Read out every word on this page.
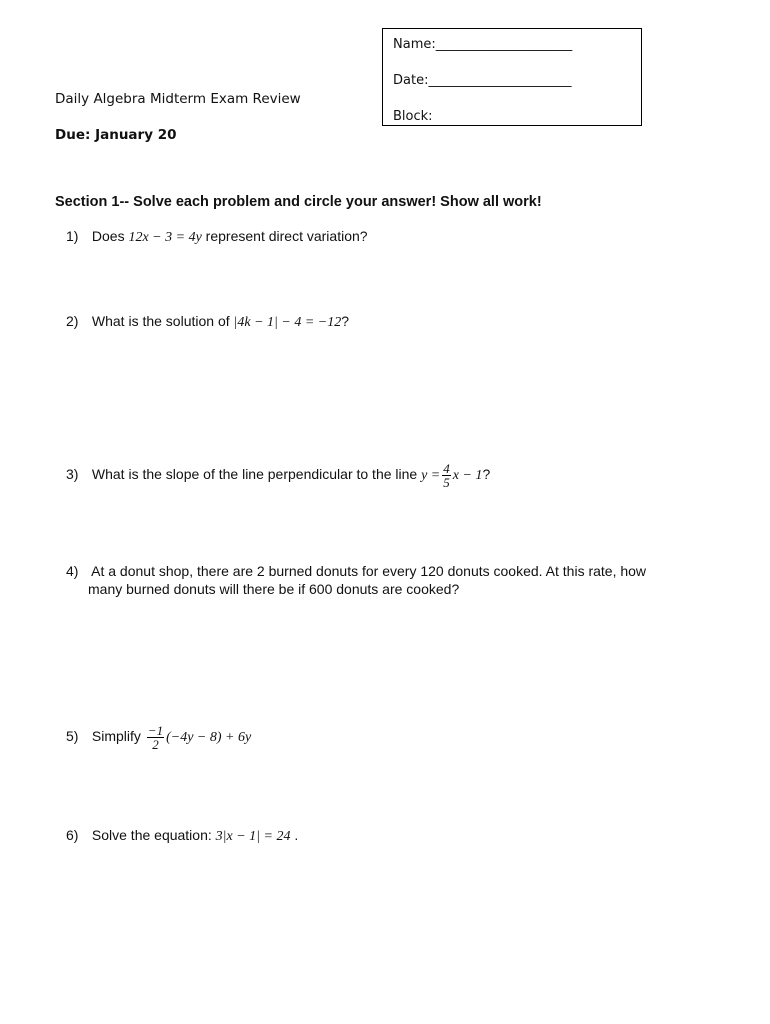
Name:_____________________
Date:______________________
Block:
Daily Algebra Midterm Exam Review
Due: January 20
Section 1-- Solve each problem and circle your answer! Show all work!
1) Does 12x − 3 = 4y represent direct variation?
2) What is the solution of |4k − 1| − 4 = −12?
3) What is the slope of the line perpendicular to the line $y = \frac{4}{5}$ x − 1?
4) At a donut shop, there are 2 burned donuts for every 120 donuts cooked. At this rate, how
many burned donuts will there be if 600 donuts are cooked?
5) Simplify $\frac{-1}{2} (-4y - 8) + 6y$
6) Solve the equation: 3|x − 1| = 24 .
